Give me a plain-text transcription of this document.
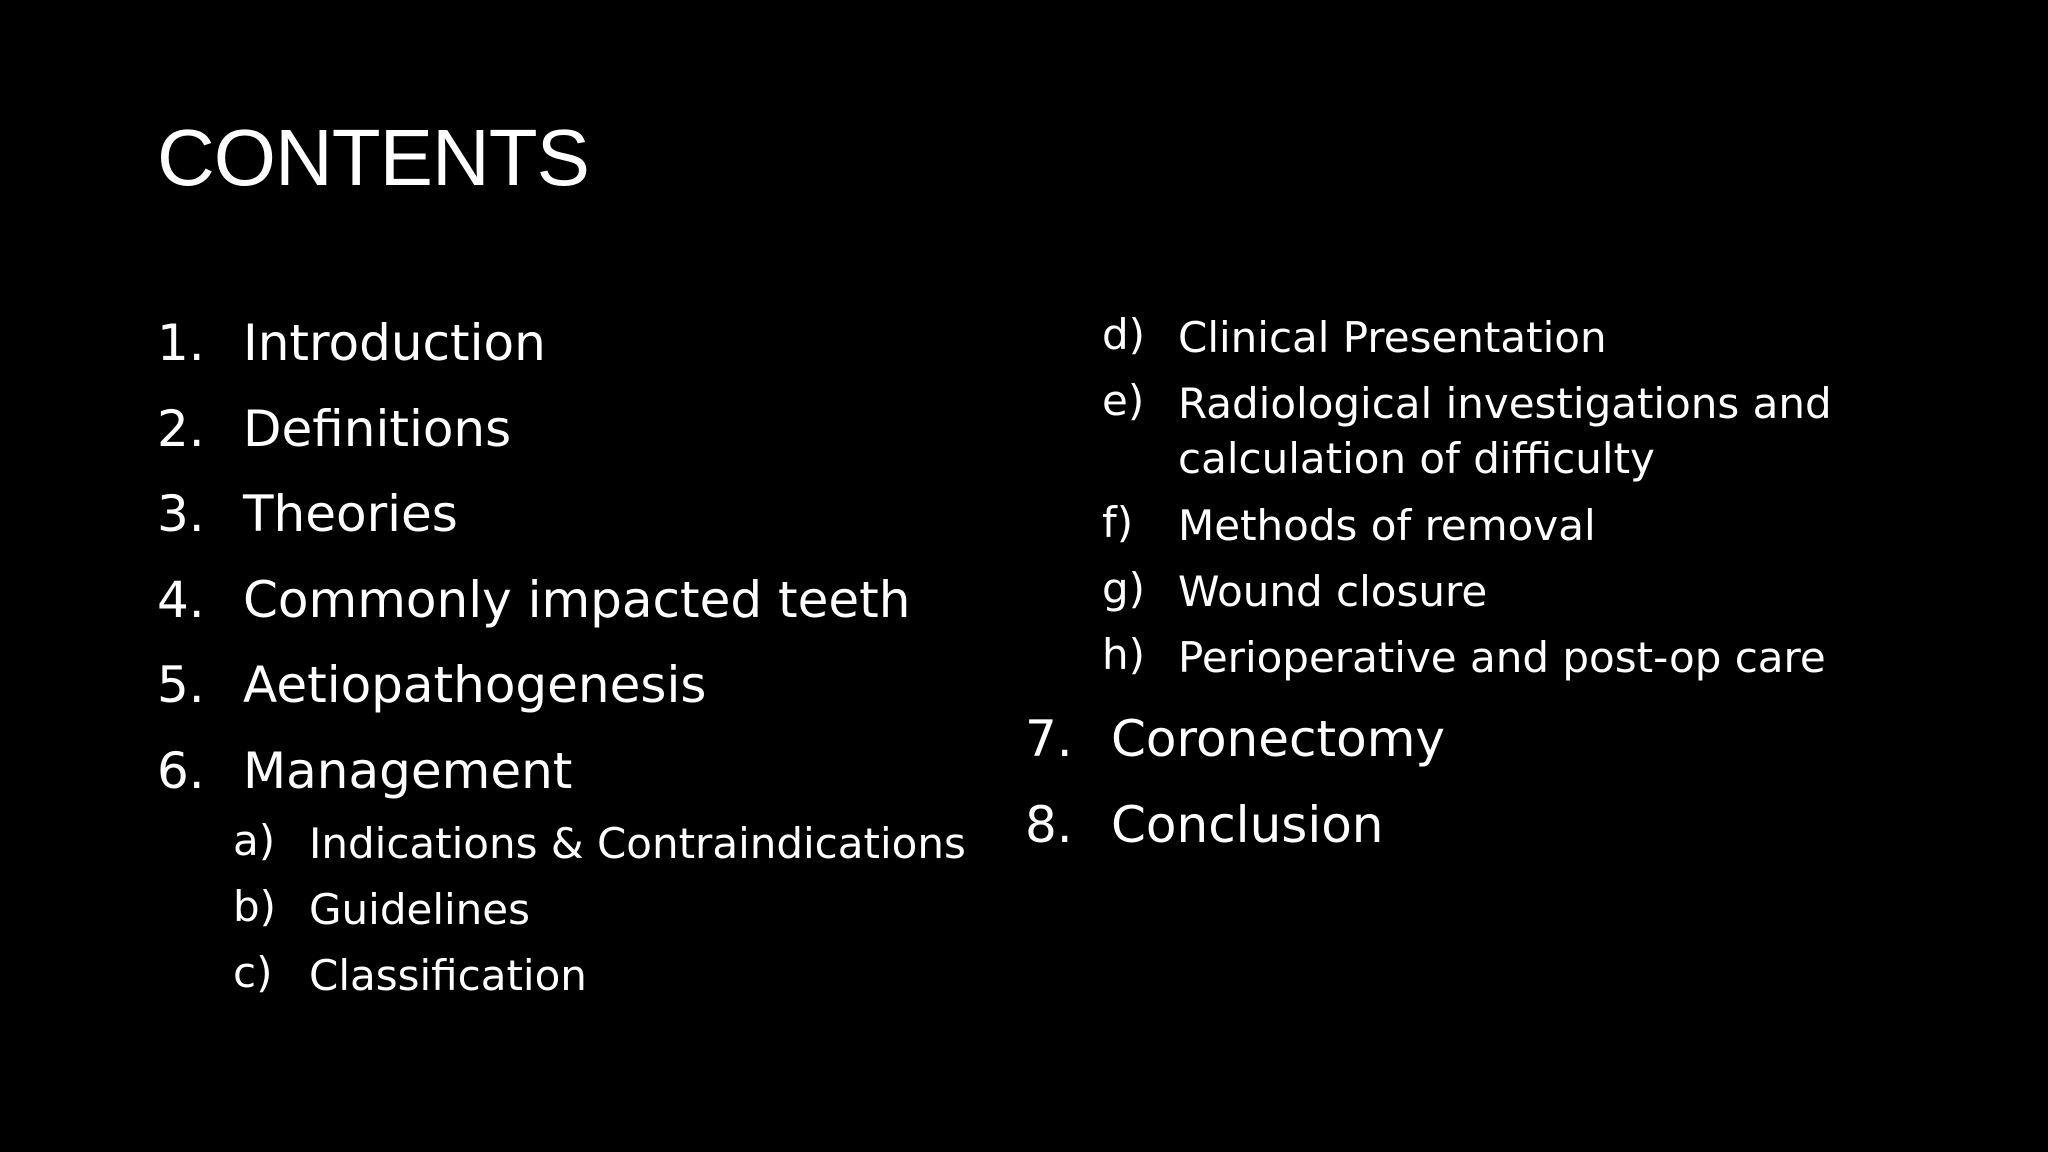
CONTENTS
1. Introduction
2. Definitions
3. Theories
4. Commonly impacted teeth
5. Aetiopathogenesis
6. Management
a) Indications & Contraindications
b) Guidelines
c) Classification
d) Clinical Presentation
e) Radiological investigations and
calculation of difficulty
f) Methods of removal
g) Wound closure
h) Perioperative and post-op care
7. Coronectomy
8. Conclusion
